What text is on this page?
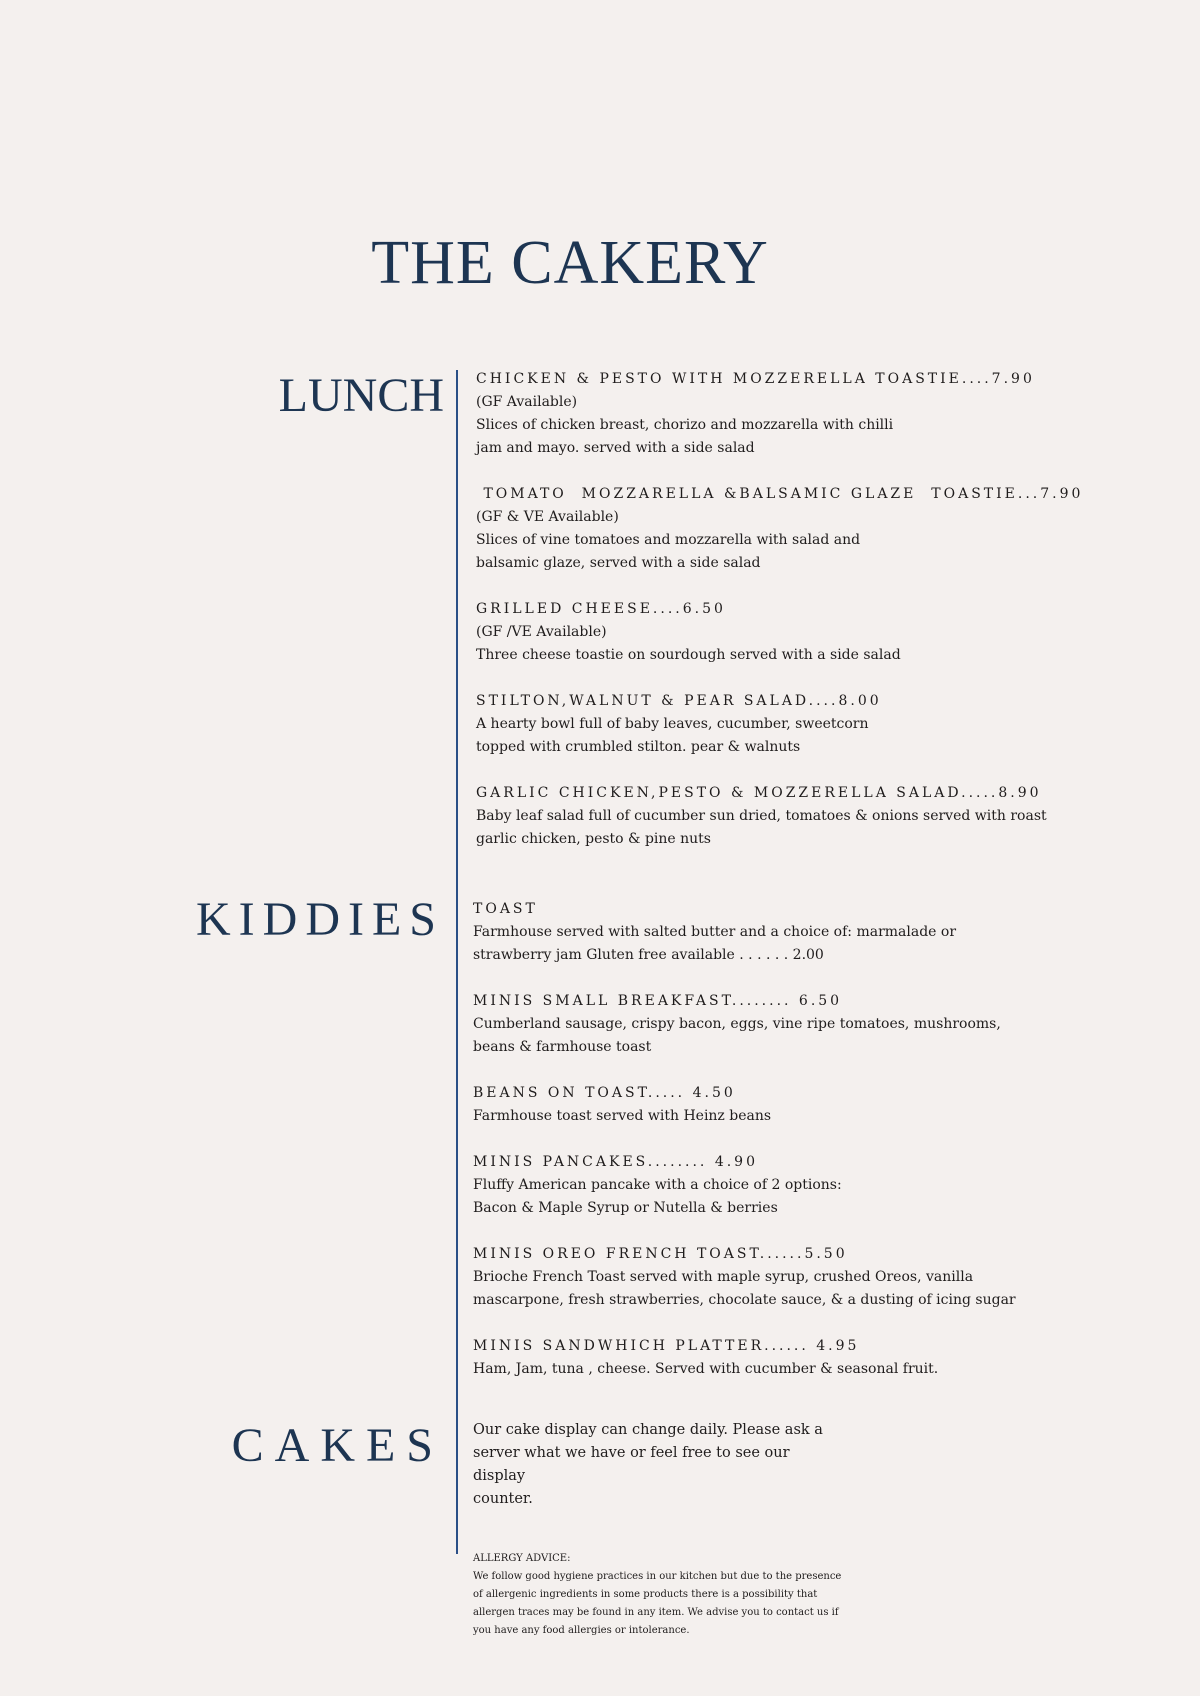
THE CAKERY
LUNCH CHICKEN & PESTO WITH MOZZERELLA TOASTIE....7.90
(GF Available)
Slices of chicken breast, chorizo and mozzarella with chilli
jam and mayo. served with a side salad
TOMATO  MOZZARELLA &BALSAMIC GLAZE  TOASTIE...7.90
(GF & VE Available)
Slices of vine tomatoes and mozzarella with salad and
balsamic glaze, served with a side salad
GRILLED CHEESE....6.50
(GF /VE Available)
Three cheese toastie on sourdough served with a side salad
STILTON,WALNUT & PEAR SALAD....8.00
A hearty bowl full of baby leaves, cucumber, sweetcorn
topped with crumbled stilton. pear & walnuts
GARLIC CHICKEN,PESTO & MOZZERELLA SALAD.....8.90
Baby leaf salad full of cucumber sun dried, tomatoes & onions served with roast
garlic chicken, pesto & pine nuts
KIDDIES TOAST
Farmhouse served with salted butter and a choice of: marmalade or
strawberry jam Gluten free available . . . . . . 2.00
MINIS SMALL BREAKFAST........ 6.50
Cumberland sausage, crispy bacon, eggs, vine ripe tomatoes, mushrooms,
beans & farmhouse toast
BEANS ON TOAST..... 4.50
Farmhouse toast served with Heinz beans
MINIS PANCAKES........ 4.90
Fluffy American pancake with a choice of 2 options:
Bacon & Maple Syrup or Nutella & berries
MINIS OREO FRENCH TOAST......5.50
Brioche French Toast served with maple syrup, crushed Oreos, vanilla
mascarpone, fresh strawberries, chocolate sauce, & a dusting of icing sugar
MINIS SANDWHICH PLATTER...... 4.95
Ham, Jam, tuna , cheese. Served with cucumber & seasonal fruit.
CAKES Our cake display can change daily. Please ask a
server what we have or feel free to see our display
counter.
ALLERGY ADVICE:
We follow good hygiene practices in our kitchen but due to the presence
of allergenic ingredients in some products there is a possibility that
allergen traces may be found in any item. We advise you to contact us if
you have any food allergies or intolerance.
